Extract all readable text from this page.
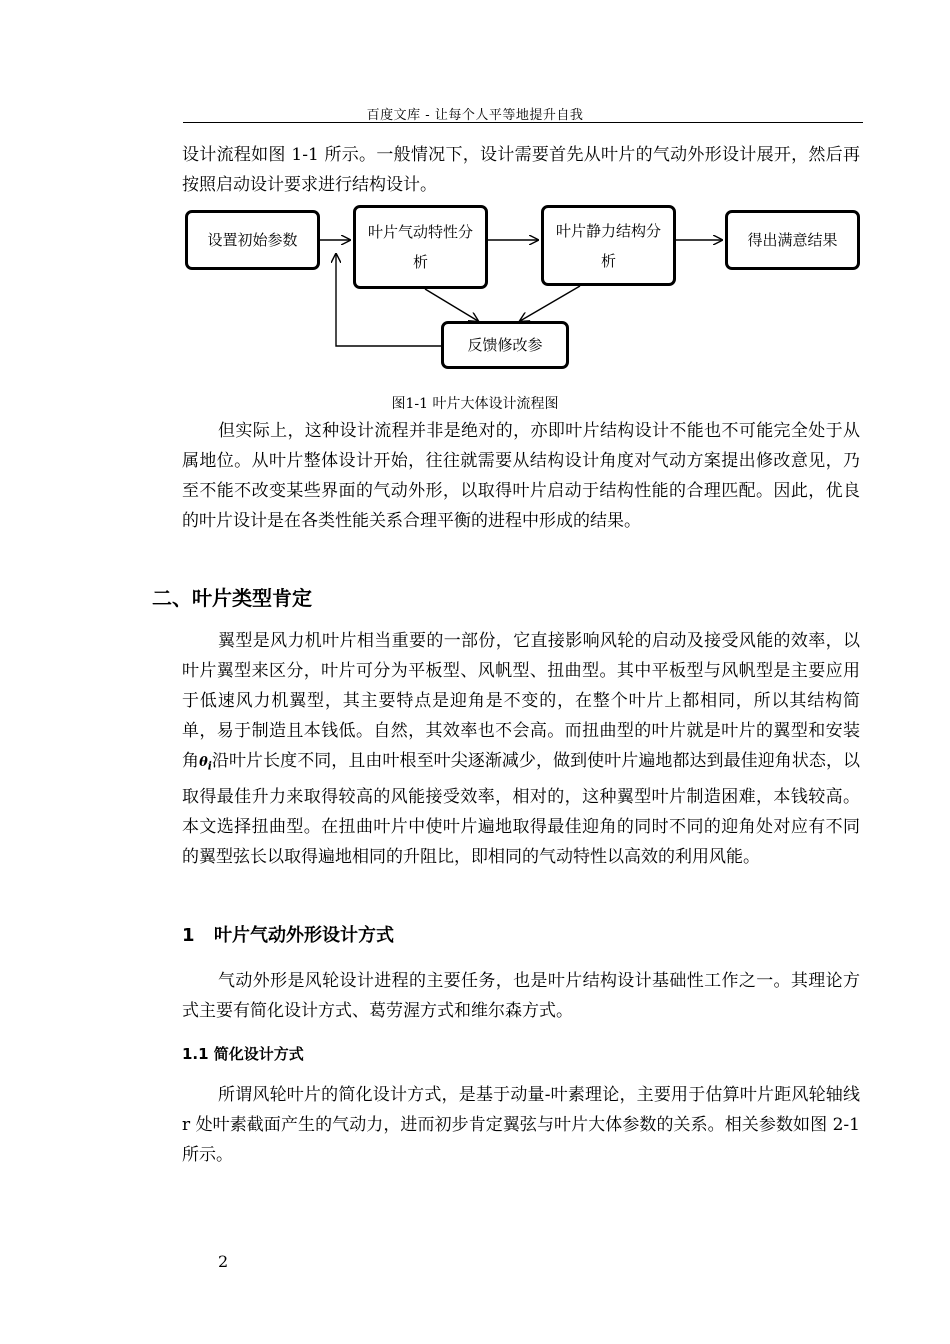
百度文库 - 让每个人平等地提升自我

设计流程如图 1-1 所示。一般情况下，设计需要首先从叶片的气动外形设计展开，然后再按照启动设计要求进行结构设计。

设置初始参数	叶片气动特性分析
叶片静力结构分析
得出满意结果
反馈修改参
图1-1 叶片大体设计流程图

但实际上，这种设计流程并非是绝对的，亦即叶片结构设计不能也不可能完全处于从属地位。从叶片整体设计开始，往往就需要从结构设计角度对气动方案提出修改意见，乃至不能不改变某些界面的气动外形，以取得叶片启动于结构性能的合理匹配。因此，优良的叶片设计是在各类性能关系合理平衡的进程中形成的结果。

二、叶片类型肯定

翼型是风力机叶片相当重要的一部份，它直接影响风轮的启动及接受风能的效率，以叶片翼型来区分，叶片可分为平板型、风帆型、扭曲型。其中平板型与风帆型是主要应用于低速风力机翼型，其主要特点是迎角是不变的，在整个叶片上都相同，所以其结构简单，易于制造且本钱低。自然，其效率也不会高。而扭曲型的叶片就是叶片的翼型和安装角$\theta_i$沿叶片长度不同，且由叶根至叶尖逐渐减少，做到使叶片遍地都达到最佳迎角状态，以取得最佳升力来取得较高的风能接受效率，相对的，这种翼型叶片制造困难，本钱较高。本文选择扭曲型。在扭曲叶片中使叶片遍地取得最佳迎角的同时不同的迎角处对应有不同的翼型弦长以取得遍地相同的升阻比，即相同的气动特性以高效的利用风能。

1 叶片气动外形设计方式

气动外形是风轮设计进程的主要任务，也是叶片结构设计基础性工作之一。其理论方式主要有简化设计方式、葛劳渥方式和维尔森方式。

1.1 简化设计方式

所谓风轮叶片的简化设计方式，是基于动量-叶素理论，主要用于估算叶片距风轮轴线 r 处叶素截面产生的气动力，进而初步肯定翼弦与叶片大体参数的关系。相关参数如图 2-1 所示。

2
